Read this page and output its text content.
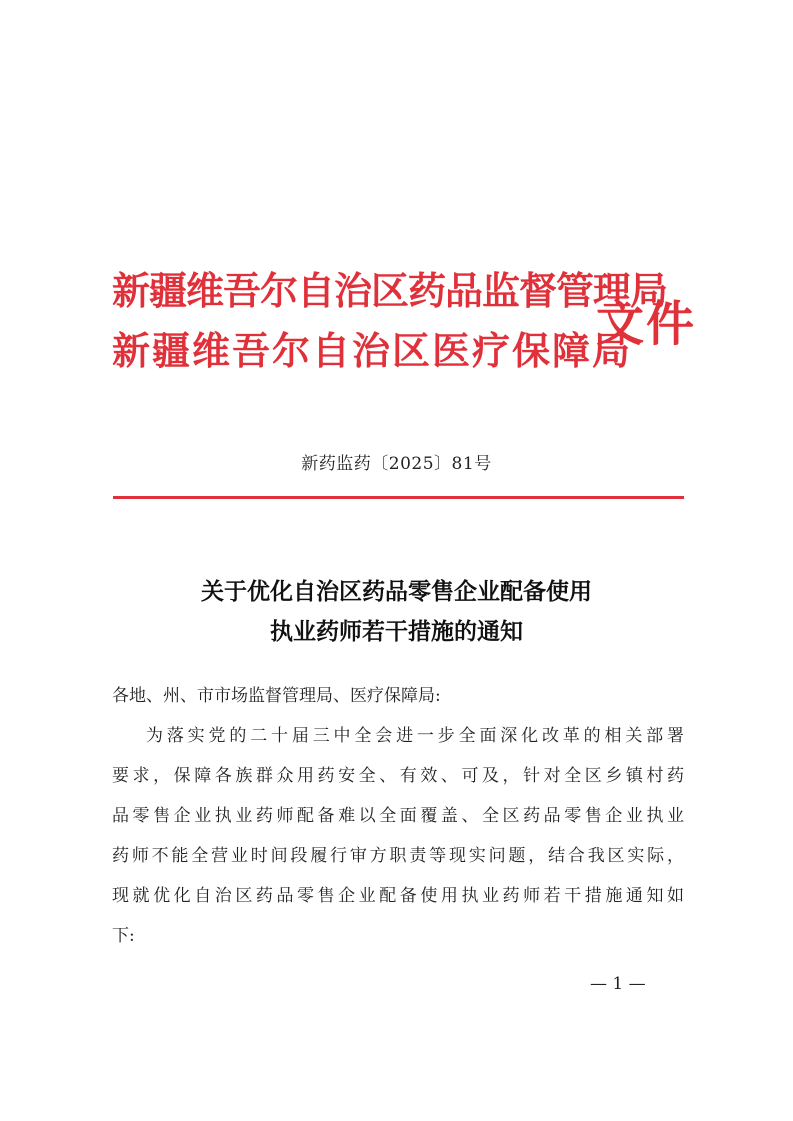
新疆维吾尔自治区药品监督管理局
新疆维吾尔自治区医疗保障局
文件
新药监药〔2025〕81号
关于优化自治区药品零售企业配备使用
执业药师若干措施的通知
各地、州、市市场监督管理局、医疗保障局:
为落实党的二十届三中全会进一步全面深化改革的相关部署
要求，保障各族群众用药安全、有效、可及，针对全区乡镇村药
品零售企业执业药师配备难以全面覆盖、全区药品零售企业执业
药师不能全营业时间段履行审方职责等现实问题，结合我区实际，
现就优化自治区药品零售企业配备使用执业药师若干措施通知如
下:
— 1 —
